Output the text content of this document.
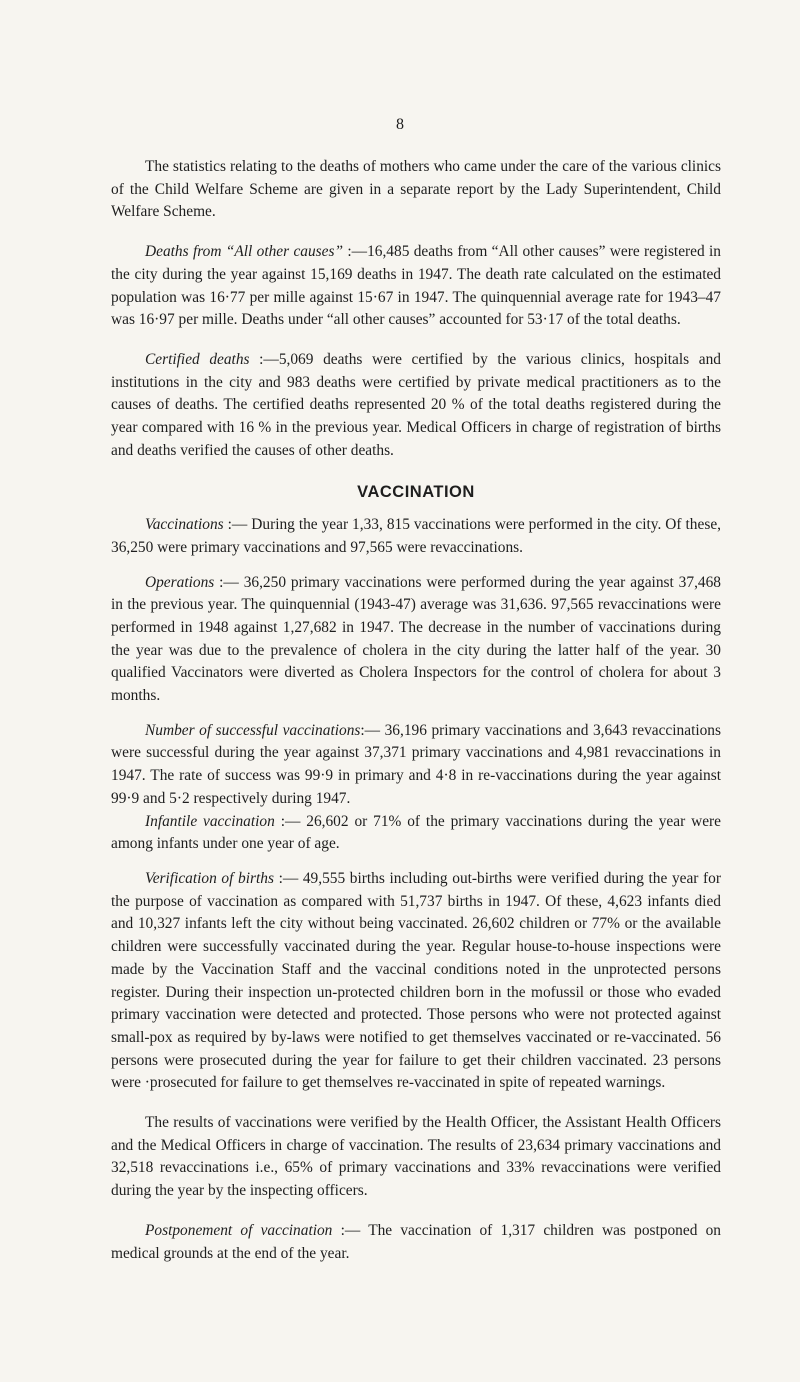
8

The statistics relating to the deaths of mothers who came under the care of the various clinics of the Child Welfare Scheme are given in a separate report by the Lady Superintendent, Child Welfare Scheme.

Deaths from “All other causes” :—16,485 deaths from “All other causes” were registered in the city during the year against 15,169 deaths in 1947. The death rate calculated on the estimated population was 16·77 per mille against 15·67 in 1947. The quinquennial average rate for 1943–47 was 16·97 per mille. Deaths under “all other causes” accounted for 53·17 of the total deaths.

Certified deaths :—5,069 deaths were certified by the various clinics, hospitals and institutions in the city and 983 deaths were certified by private medical practitioners as to the causes of deaths. The certified deaths represented 20 % of the total deaths registered during the year compared with 16 % in the previous year. Medical Officers in charge of registration of births and deaths verified the causes of other deaths.

VACCINATION

Vaccinations :— During the year 1,33, 815 vaccinations were performed in the city. Of these, 36,250 were primary vaccinations and 97,565 were revaccinations.

Operations :— 36,250 primary vaccinations were performed during the year against 37,468 in the previous year. The quinquennial (1943-47) average was 31,636. 97,565 revaccinations were performed in 1948 against 1,27,682 in 1947. The decrease in the number of vaccinations during the year was due to the prevalence of cholera in the city during the latter half of the year. 30 qualified Vaccinators were diverted as Cholera Inspectors for the control of cholera for about 3 months.

Number of successful vaccinations:— 36,196 primary vaccinations and 3,643 revaccinations were successful during the year against 37,371 primary vaccinations and 4,981 revaccinations in 1947. The rate of success was 99·9 in primary and 4·8 in re-vaccinations during the year against 99·9 and 5·2 respectively during 1947.

Infantile vaccination :— 26,602 or 71% of the primary vaccinations during the year were among infants under one year of age.

Verification of births :— 49,555 births including out-births were verified during the year for the purpose of vaccination as compared with 51,737 births in 1947. Of these, 4,623 infants died and 10,327 infants left the city without being vaccinated. 26,602 children or 77% or the available children were successfully vaccinated during the year. Regular house-to-house inspections were made by the Vaccination Staff and the vaccinal conditions noted in the unprotected persons register. During their inspection un-protected children born in the mofussil or those who evaded primary vaccination were detected and protected. Those persons who were not protected against small-pox as required by by-laws were notified to get themselves vaccinated or re-vaccinated. 56 persons were prosecuted during the year for failure to get their children vaccinated. 23 persons were ·prosecuted for failure to get themselves re-vaccinated in spite of repeated warnings.

The results of vaccinations were verified by the Health Officer, the Assistant Health Officers and the Medical Officers in charge of vaccination. The results of 23,634 primary vaccinations and 32,518 revaccinations i.e., 65% of primary vaccinations and 33% revaccinations were verified during the year by the inspecting officers.

Postponement of vaccination :— The vaccination of 1,317 children was postponed on medical grounds at the end of the year.
